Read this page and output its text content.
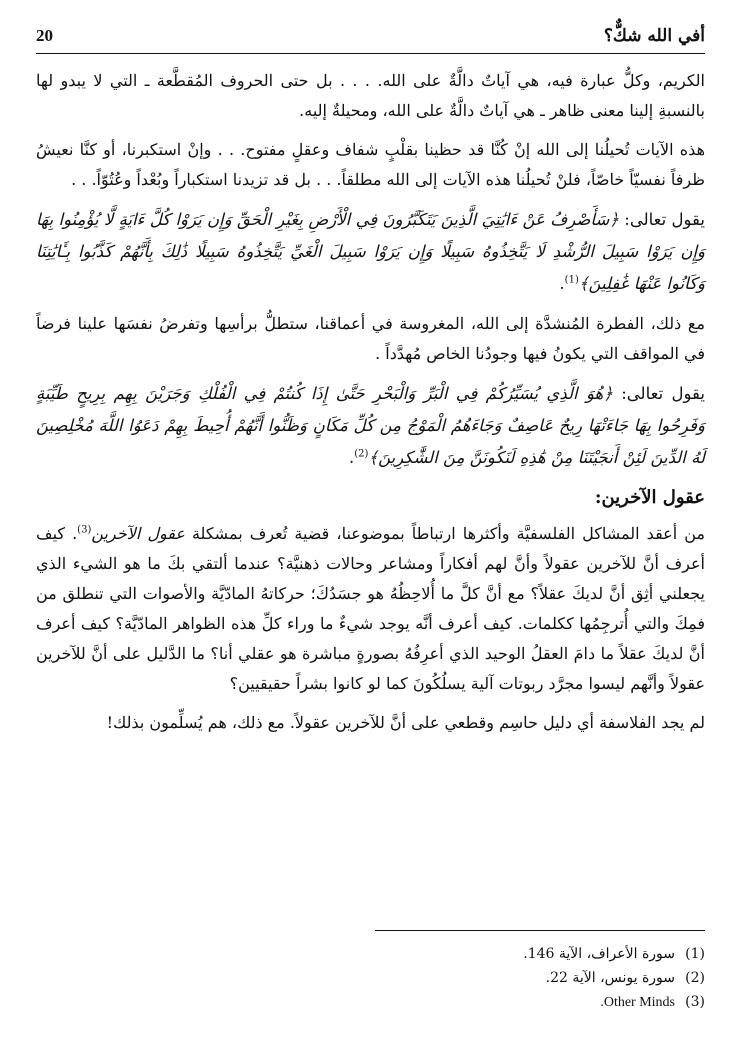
أفي الله شكٌّ؟
20

الكريم، وكلُّ عبارة فيه، هي آياتٌ دالَّةٌ على الله. . . . بل حتى الحروف المُقطَّعة ـ التي لا يبدو لها بالنسبةِ إلينا معنى ظاهر ـ هي آياتٌ دالَّةٌ على الله، ومحيلةٌ إليه.

هذه الآيات تُحيلُنا إلى الله إنْ كُنَّا قد حظينا بقلْبٍ شفاف وعقلٍ مفتوح. . . وإنْ استكبرنا، أو كنَّا نعيشُ ظرفاً نفسيّاً خاصّاً، فلنْ تُحيلُنا هذه الآيات إلى الله مطلقاً. . . بل قد تزيدنا استكباراً وبُعْداً وعُتُوّاً. . .

يقول تعالى: ﴿سَأَصْرِفُ عَنْ ءَايَٰتِيَ الَّذِينَ يَتَكَبَّرُونَ فِي الْأَرْضِ بِغَيْرِ الْحَقِّ وَإِن يَرَوْا كُلَّ ءَايَةٍ لَّا يُؤْمِنُوا بِهَا وَإِن يَرَوْا سَبِيلَ الرُّشْدِ لَا يَتَّخِذُوهُ سَبِيلًا وَإِن يَرَوْا سَبِيلَ الْغَيِّ يَتَّخِذُوهُ سَبِيلًا ذَٰلِكَ بِأَنَّهُمْ كَذَّبُوا بِـَٔايَٰتِنَا وَكَانُوا عَنْهَا غَٰفِلِينَ﴾$^{(1)}$.

مع ذلك، الفطرة المُنشدَّة إلى الله، المغروسة في أعماقنا، ستطلُّ برأسِها وتفرضُ نفسَها علينا فرضاً في المواقف التي يكونُ فيها وجودُنا الخاص مُهدَّداً .

يقول تعالى: ﴿هُوَ الَّذِي يُسَيِّرُكُمْ فِي الْبَرِّ وَالْبَحْرِ حَتَّىٰ إِذَا كُنتُمْ فِي الْفُلْكِ وَجَرَيْنَ بِهِم بِرِيحٍ طَيِّبَةٍ وَفَرِحُوا بِهَا جَاءَتْهَا رِيحٌ عَاصِفٌ وَجَاءَهُمُ الْمَوْجُ مِن كُلِّ مَكَانٍ وَظَنُّوا أَنَّهُمْ أُحِيطَ بِهِمْ دَعَوُا اللَّهَ مُخْلِصِينَ لَهُ الدِّينَ لَئِنْ أَنجَيْتَنَا مِنْ هَٰذِهِ لَنَكُونَنَّ مِنَ الشَّٰكِرِينَ﴾$^{(2)}$.

عقول الآخرين:

من أعقد المشاكل الفلسفيَّة وأكثرها ارتباطاً بموضوعنا، قضية تُعرف بمشكلة عقول الآخرين$^{(3)}$. كيف أعرف أنَّ للآخرين عقولاً وأنَّ لهم أفكاراً ومشاعر وحالات ذهنيَّة؟ عندما ألتقي بكَ ما هو الشيء الذي يجعلني أثِق أنَّ لديكَ عقلاً؟ مع أنَّ كلَّ ما أُلاحِظُهُ هو جسَدُكَ؛ حركاتهُ المادّيَّة والأصوات التي تنطلق من فمِكَ والتي أُترجِمُها ككلمات. كيف أعرف أنَّه يوجد شيءٌ ما وراء كلِّ هذه الظواهر المادّيَّة؟ كيف أعرف أنَّ لديكَ عقلاً ما دامَ العقلُ الوحيد الذي أعرِفُهُ بصورةٍ مباشرة هو عقلي أنا؟ ما الدَّليل على أنَّ للآخرين عقولاً وأنَّهم ليسوا مجرَّد ربوتات آلية يسلُكُونَ كما لو كانوا بشراً حقيقيين؟

لم يجد الفلاسفة أي دليل حاسِم وقطعي على أنَّ للآخرين عقولاً. مع ذلك، هم يُسلِّمون بذلك!

(1)سورة الأعراف، الآية 146.

(2)سورة يونس، الآية 22.

(3)Other Minds.
